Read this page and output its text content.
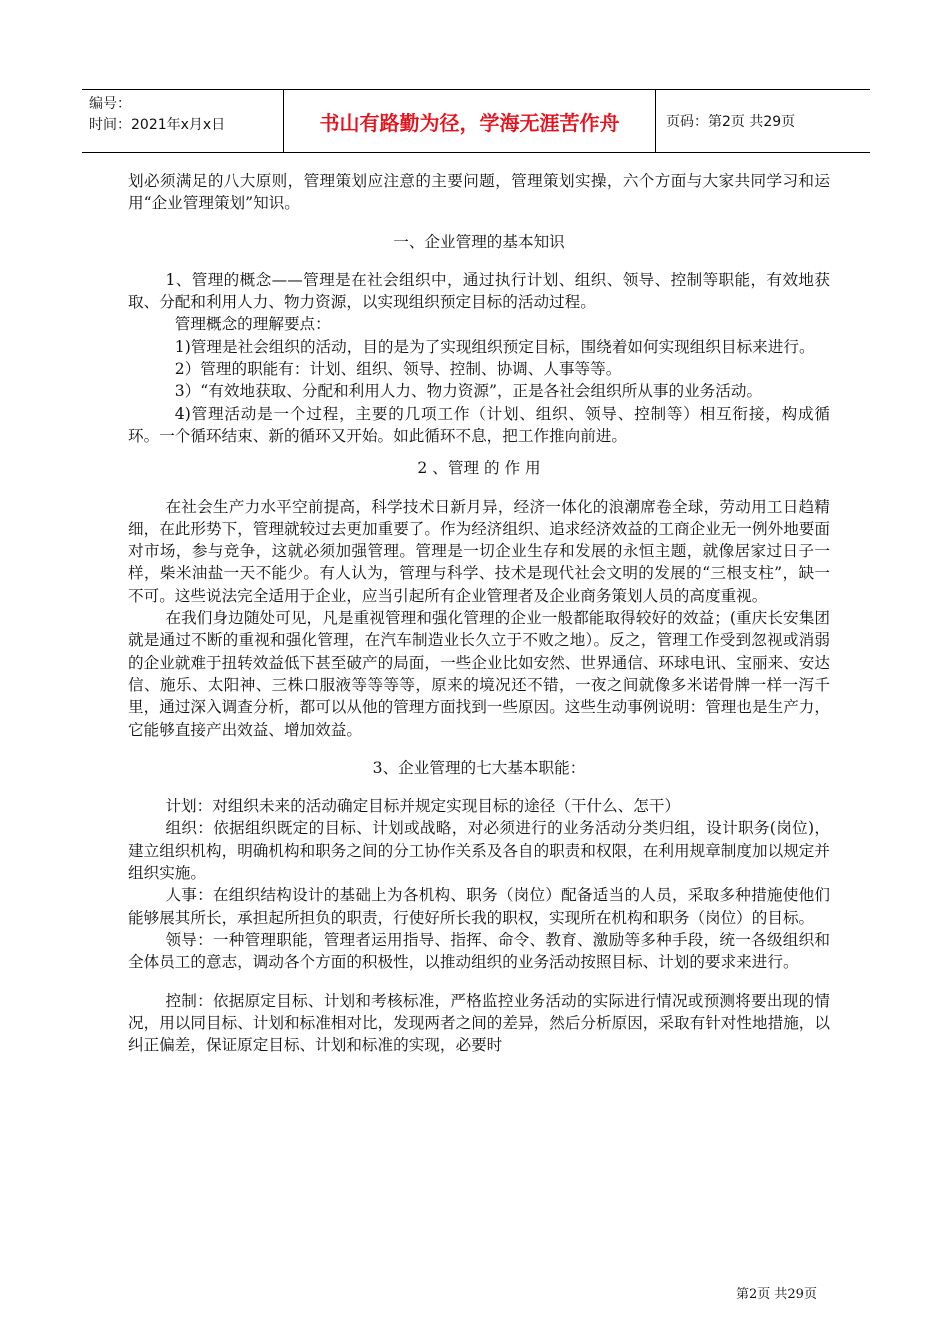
编号：
时间：2021年x月x日	书山有路勤为径，学海无涯苦作舟	页码：第2页 共29页

划必须满足的八大原则，管理策划应注意的主要问题，管理策划实操，六个方面与大家共同学习和运用“企业管理策划”知识。

一、企业管理的基本知识

1、管理的概念——管理是在社会组织中，通过执行计划、组织、领导、控制等职能，有效地获取、分配和利用人力、物力资源，以实现组织预定目标的活动过程。

管理概念的理解要点：

1)管理是社会组织的活动，目的是为了实现组织预定目标，围绕着如何实现组织目标来进行。

2）管理的职能有：计划、组织、领导、控制、协调、人事等等。

3）“有效地获取、分配和利用人力、物力资源”，正是各社会组织所从事的业务活动。

4)管理活动是一个过程，主要的几项工作（计划、组织、领导、控制等）相互衔接，构成循环。一个循环结束、新的循环又开始。如此循环不息，把工作推向前进。

2 、管理 的 作 用

在社会生产力水平空前提高，科学技术日新月异，经济一体化的浪潮席卷全球，劳动用工日趋精细，在此形势下，管理就较过去更加重要了。作为经济组织、追求经济效益的工商企业无一例外地要面对市场，参与竞争，这就必须加强管理。管理是一切企业生存和发展的永恒主题，就像居家过日子一样，柴米油盐一天不能少。有人认为，管理与科学、技术是现代社会文明的发展的“三根支柱”，缺一不可。这些说法完全适用于企业，应当引起所有企业管理者及企业商务策划人员的高度重视。

在我们身边随处可见，凡是重视管理和强化管理的企业一般都能取得较好的效益；(重庆长安集团就是通过不断的重视和强化管理，在汽车制造业长久立于不败之地）。反之，管理工作受到忽视或消弱的企业就难于扭转效益低下甚至破产的局面，一些企业比如安然、世界通信、环球电讯、宝丽来、安达信、施乐、太阳神、三株口服液等等等等，原来的境况还不错，一夜之间就像多米诺骨牌一样一泻千里，通过深入调查分析，都可以从他的管理方面找到一些原因。这些生动事例说明：管理也是生产力，它能够直接产出效益、增加效益。

3、企业管理的七大基本职能：

计划：对组织未来的活动确定目标并规定实现目标的途径（干什么、怎干）

组织：依据组织既定的目标、计划或战略，对必须进行的业务活动分类归组，设计职务(岗位)，建立组织机构，明确机构和职务之间的分工协作关系及各自的职责和权限，在利用规章制度加以规定并组织实施。

人事：在组织结构设计的基础上为各机构、职务（岗位）配备适当的人员，采取多种措施使他们能够展其所长，承担起所担负的职责，行使好所长我的职权，实现所在机构和职务（岗位）的目标。

领导：一种管理职能，管理者运用指导、指挥、命令、教育、激励等多种手段，统一各级组织和全体员工的意志，调动各个方面的积极性，以推动组织的业务活动按照目标、计划的要求来进行。

控制：依据原定目标、计划和考核标准，严格监控业务活动的实际进行情况或预测将要出现的情况，用以同目标、计划和标准相对比，发现两者之间的差异，然后分析原因，采取有针对性地措施，以纠正偏差，保证原定目标、计划和标准的实现，必要时

第2页 共29页
